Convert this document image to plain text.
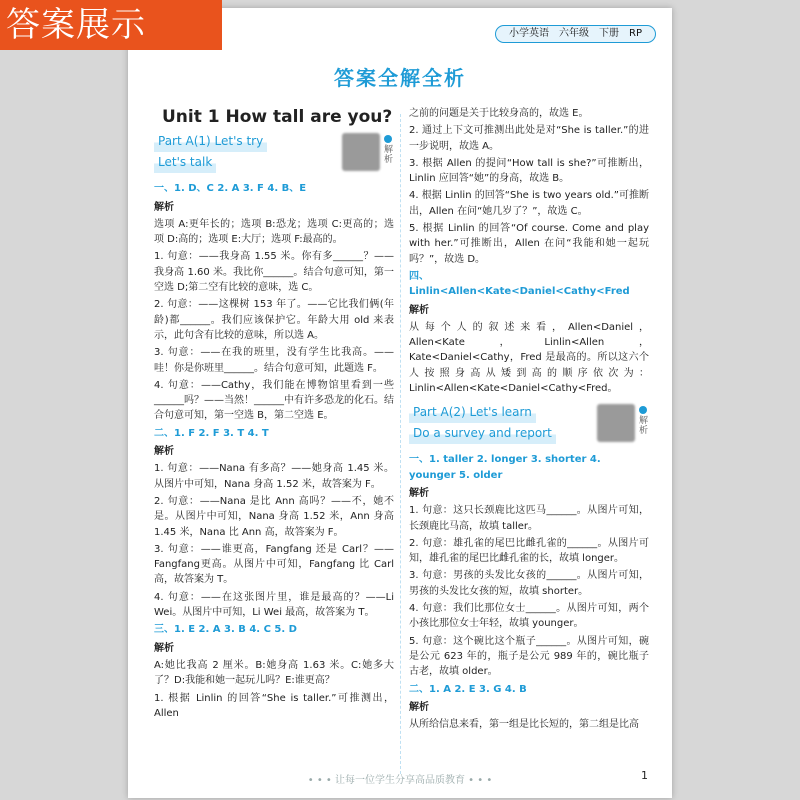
答案展示	小学英语 六年级 下册 RP
答案全解全析
Unit 1 How tall are you?
Part A(1) Let's try
Let's talk
解析
一、1. D、C 2. A 3. F 4. B、E
解析

选项 A:更年长的；选项 B:恐龙；选项 C:更高的；选项 D:高的；选项 E:大厅；选项 F:最高的。

1. 句意：——我身高 1.55 米。你有多______？——我身高 1.60 米。我比你______。结合句意可知，第一空选 D;第二空有比较的意味，选 C。

2. 句意：——这棵树 153 年了。——它比我们俩(年龄)都______。我们应该保护它。年龄大用 old 来表示，此句含有比较的意味，所以选 A。

3. 句意：——在我的班里，没有学生比我高。——哇！你是你班里______。结合句意可知，此题选 F。

4. 句意：——Cathy，我们能在博物馆里看到一些______吗？——当然！______中有许多恐龙的化石。结合句意可知，第一空选 B，第二空选 E。

二、1. F 2. F 3. T 4. T
解析

1. 句意：——Nana 有多高？——她身高 1.45 米。从图片中可知，Nana 身高 1.52 米，故答案为 F。

2. 句意：——Nana 是比 Ann 高吗？——不，她不是。从图片中可知，Nana 身高 1.52 米，Ann 身高 1.45 米，Nana 比 Ann 高，故答案为 F。

3. 句意：——谁更高，Fangfang 还是 Carl？——Fangfang更高。从图片中可知，Fangfang 比 Carl 高，故答案为 T。

4. 句意：——在这张图片里，谁是最高的？——Li Wei。从图片中可知，Li Wei 最高，故答案为 T。

三、1. E 2. A 3. B 4. C 5. D
解析

A:她比我高 2 厘米。B:她身高 1.63 米。C:她多大了？D:我能和她一起玩儿吗？E:谁更高？

1. 根据 Linlin 的回答“She is taller.”可推测出，Allen

之前的问题是关于比较身高的，故选 E。

2. 通过上下文可推测出此处是对“She is taller.”的进一步说明，故选 A。

3. 根据 Allen 的提问“How tall is she?”可推断出，Linlin 应回答“她”的身高，故选 B。

4. 根据 Linlin 的回答“She is two years old.”可推断出，Allen 在问“她几岁了？”，故选 C。

5. 根据 Linlin 的回答“Of course. Come and play with her.”可推断出，Allen 在问“我能和她一起玩吗？”，故选 D。

四、Linlin<Allen<Kate<Daniel<Cathy<Fred
解析

从每个人的叙述来看，Allen<Daniel，Allen<Kate，Linlin<Allen，Kate<Daniel<Cathy，Fred 是最高的。所以这六个人按照身高从矮到高的顺序依次为：Linlin<Allen<Kate<Daniel<Cathy<Fred。

Part A(2) Let's learn
Do a survey and report
解析
一、1. taller 2. longer 3. shorter 4. younger 5. older
解析

1. 句意：这只长颈鹿比这匹马______。从图片可知，长颈鹿比马高，故填 taller。

2. 句意：雄孔雀的尾巴比雌孔雀的______。从图片可知，雄孔雀的尾巴比雌孔雀的长，故填 longer。

3. 句意：男孩的头发比女孩的______。从图片可知，男孩的头发比女孩的短，故填 shorter。

4. 句意：我们比那位女士______。从图片可知，两个小孩比那位女士年轻，故填 younger。

5. 句意：这个碗比这个瓶子______。从图片可知，碗是公元 623 年的，瓶子是公元 989 年的，碗比瓶子古老，故填 older。

二、1. A 2. E 3. G 4. B
解析

从所给信息来看，第一组是比长短的，第二组是比高

• • • 让每一位学生分享高品质教育 • • •	1
